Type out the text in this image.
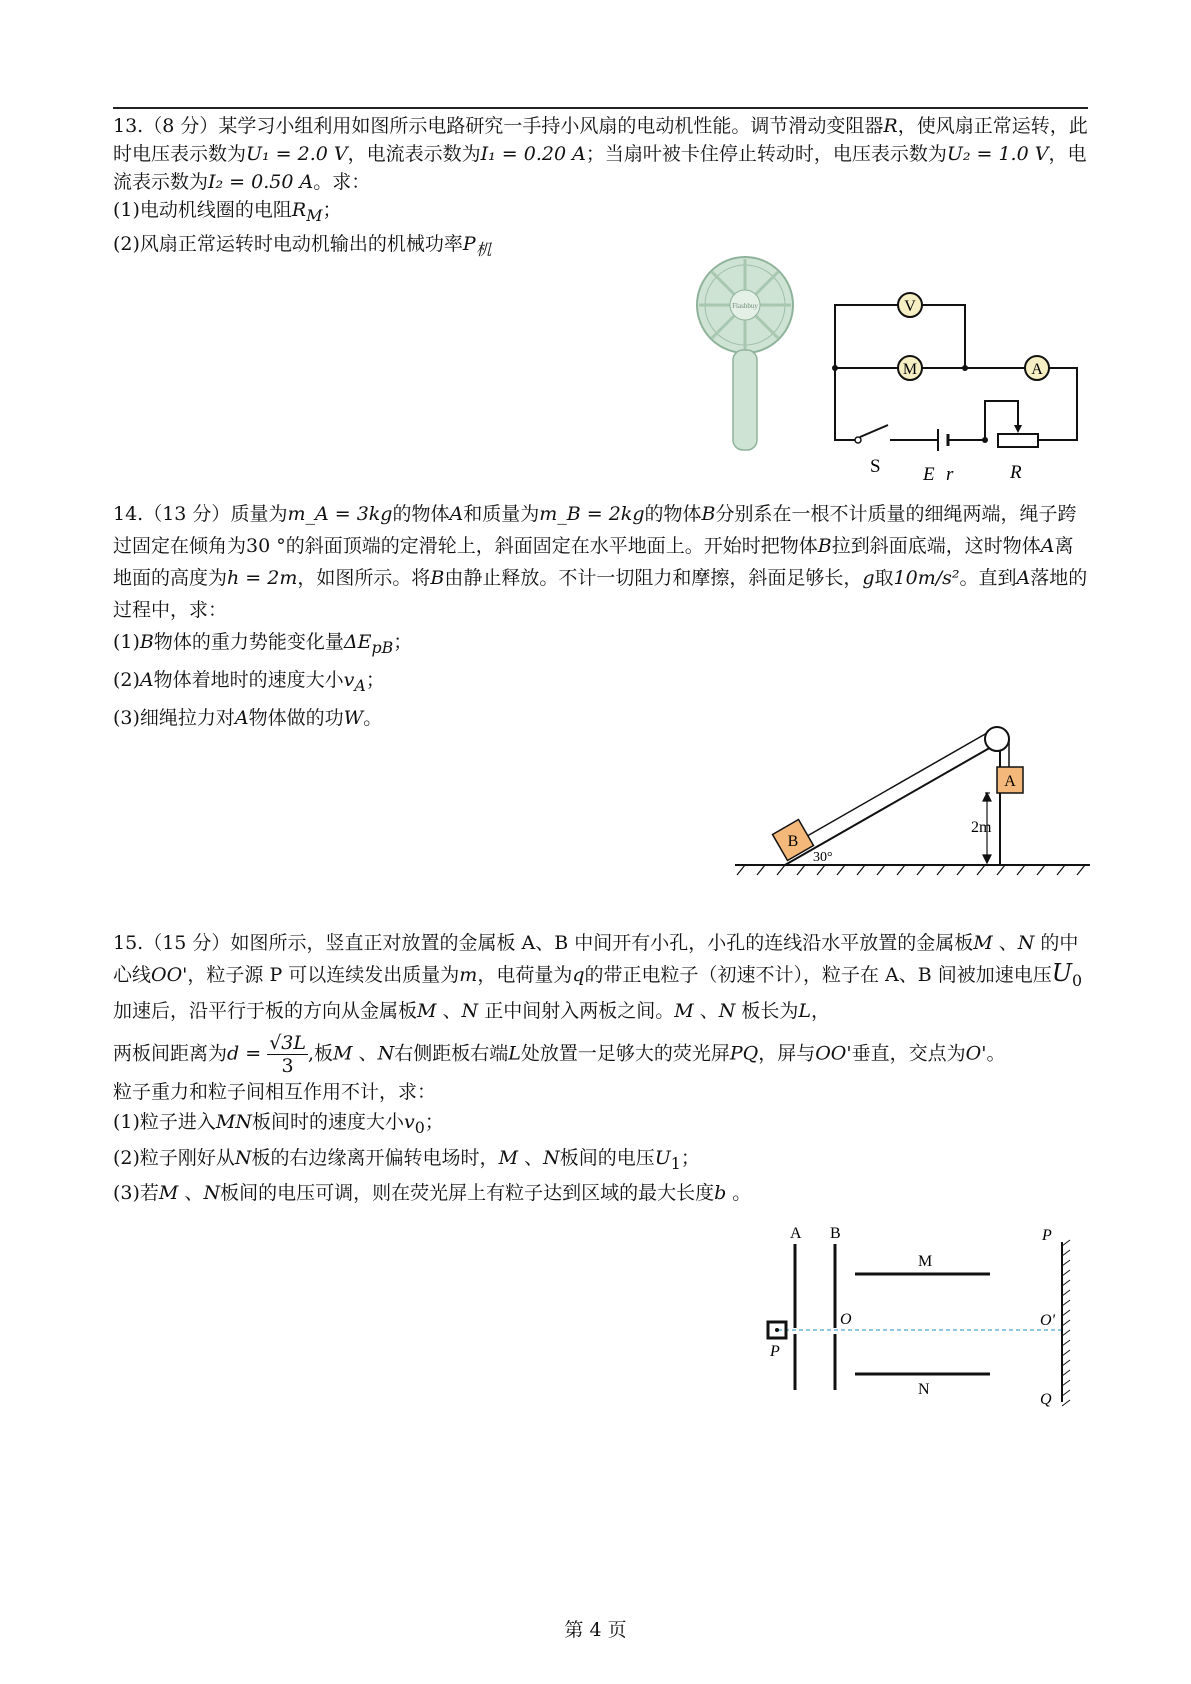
13.（8 分）某学习小组利用如图所示电路研究一手持小风扇的电动机性能。调节滑动变阻器R，使风扇正常运转，此时电压表示数为U₁ = 2.0 V，电流表示数为I₁ = 0.20 A；当扇叶被卡住停止转动时，电压表示数为U₂ = 1.0 V，电流表示数为I₂ = 0.50 A。求：

(1)电动机线圈的电阻$R_M$；

(2)风扇正常运转时电动机输出的机械功率$P_机$

Flashbuy	V
M	A
S E r	R

14.（13 分）质量为m_A = 3kg的物体A和质量为m_B = 2kg的物体B分别系在一根不计质量的细绳两端，绳子跨过固定在倾角为30 °的斜面顶端的定滑轮上，斜面固定在水平地面上。开始时把物体B拉到斜面底端，这时物体A离地面的高度为h = 2m，如图所示。将B由静止释放。不计一切阻力和摩擦，斜面足够长，g取10m/s²。直到A落地的过程中，求：

(1)B物体的重力势能变化量$\Delta E_{pB}$；

(2)A物体着地时的速度大小$v_A$；

(3)细绳拉力对A物体做的功W。

A
B
30°
2m

15.（15 分）如图所示，竖直正对放置的金属板 A、B 中间开有小孔，小孔的连线沿水平放置的金属板M 、N 的中心线OO'，粒子源 P 可以连续发出质量为m，电荷量为q的带正电粒子（初速不计），粒子在 A、B 间被加速电压$U_0$加速后，沿平行于板的方向从金属板M 、N 正中间射入两板之间。M 、N 板长为L，

两板间距离为$d = \frac{√3L}{3}$ ,板M 、N右侧距板右端L处放置一足够大的荧光屏PQ，屏与OO'垂直，交点为O'。

粒子重力和粒子间相互作用不计，求：

(1)粒子进入MN板间时的速度大小$v_0$；

(2)粒子刚好从N板的右边缘离开偏转电场时，M 、N板间的电压$U_1$；

(3)若M 、N板间的电压可调，则在荧光屏上有粒子达到区域的最大长度b 。

A B
M
N
P
O
P
O'
Q
第 4 页
